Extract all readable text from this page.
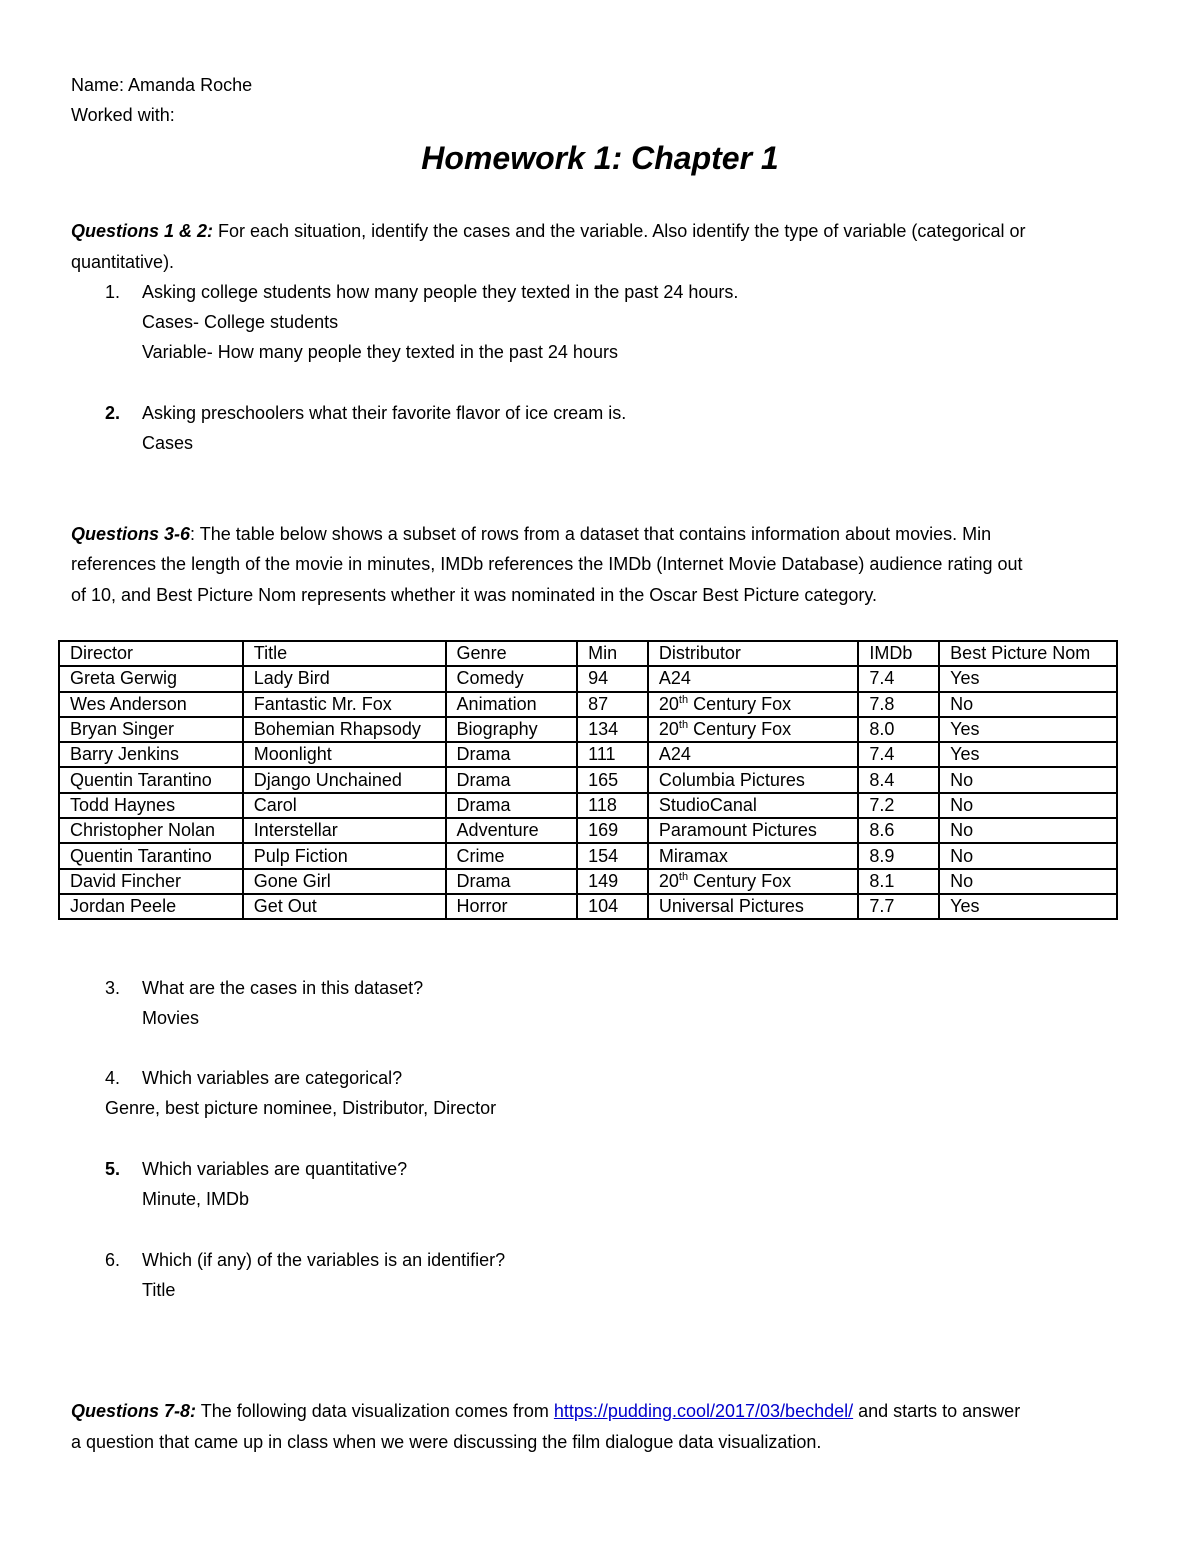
Name: Amanda Roche
Worked with:
Homework 1: Chapter 1
Questions 1 & 2: For each situation, identify the cases and the variable. Also identify the type of variable (categorical or
quantitative).
1.	Asking college students how many people they texted in the past 24 hours.
Cases- College students
Variable- How many people they texted in the past 24 hours
2.	Asking preschoolers what their favorite flavor of ice cream is.
Cases
Questions 3-6: The table below shows a subset of rows from a dataset that contains information about movies. Min
references the length of the movie in minutes, IMDb references the IMDb (Internet Movie Database) audience rating out
of 10, and Best Picture Nom represents whether it was nominated in the Oscar Best Picture category.
Director	Title	Genre	Min	Distributor	IMDb	Best Picture Nom
Greta Gerwig	Lady Bird	Comedy	94	A24	7.4	Yes
Wes Anderson	Fantastic Mr. Fox	Animation	87	20th Century Fox	7.8	No
Bryan Singer	Bohemian Rhapsody	Biography	134	20th Century Fox	8.0	Yes
Barry Jenkins	Moonlight	Drama	111	A24	7.4	Yes
Quentin Tarantino	Django Unchained	Drama	165	Columbia Pictures	8.4	No
Todd Haynes	Carol	Drama	118	StudioCanal	7.2	No
Christopher Nolan	Interstellar	Adventure	169	Paramount Pictures	8.6	No
Quentin Tarantino	Pulp Fiction	Crime	154	Miramax	8.9	No
David Fincher	Gone Girl	Drama	149	20th Century Fox	8.1	No
Jordan Peele	Get Out	Horror	104	Universal Pictures	7.7	Yes
3.	What are the cases in this dataset?
Movies
4.	Which variables are categorical?
Genre, best picture nominee, Distributor, Director
5.	Which variables are quantitative?
Minute, IMDb
6.	Which (if any) of the variables is an identifier?
Title
Questions 7-8: The following data visualization comes from https://pudding.cool/2017/03/bechdel/ and starts to answer
a question that came up in class when we were discussing the film dialogue data visualization.
